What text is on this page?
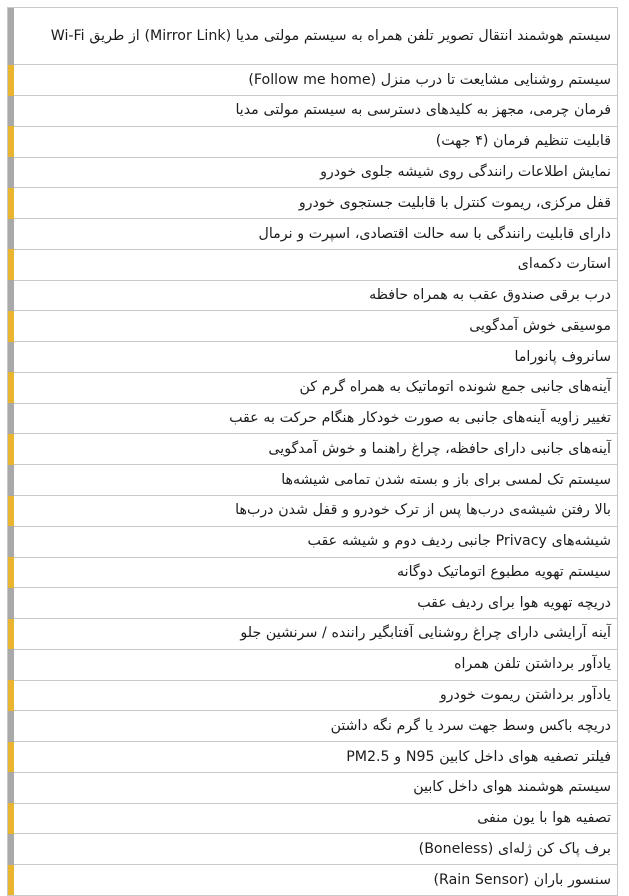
سیستم هوشمند انتقال تصویر تلفن همراه به سیستم مولتی مدیا (Mirror Link) از طریق Wi-Fi	
سیستم روشنایی مشایعت تا درب منزل (Follow me home)	
فرمان چرمی، مجهز به کلیدهای دسترسی به سیستم مولتی مدیا	
قابلیت تنظیم فرمان (۴ جهت)	
نمایش اطلاعات رانندگی روی شیشه جلوی خودرو	
قفل مرکزی، ریموت کنترل با قابلیت جستجوی خودرو	
دارای قابلیت رانندگی با سه حالت اقتصادی، اسپرت و نرمال	
استارت دکمه‌ای	
درب برقی صندوق عقب به همراه حافظه	
موسیقی خوش آمدگویی	
سانروف پانوراما	
آینه‌های جانبی جمع شونده اتوماتیک به همراه گرم کن	
تغییر زاویه آینه‌های جانبی به صورت خودکار هنگام حرکت به عقب	
آینه‌های جانبی دارای حافظه، چراغ راهنما و خوش آمدگویی	
سیستم تک لمسی برای باز و بسته شدن تمامی شیشه‌ها	
بالا رفتن شیشه‌ی درب‌ها پس از ترک خودرو و قفل شدن درب‌ها	
شیشه‌های Privacy جانبی ردیف دوم و شیشه عقب	
سیستم تهویه مطبوع اتوماتیک دوگانه	
دریچه تهویه هوا برای ردیف عقب	
آینه آرایشی دارای چراغ روشنایی آفتابگیر راننده / سرنشین جلو	
یادآور برداشتن تلفن همراه	
یادآور برداشتن ریموت خودرو	
دریچه باکس وسط جهت سرد یا گرم نگه داشتن	
فیلتر تصفیه هوای داخل کابین N95 و PM2.5	
سیستم هوشمند هوای داخل کابین	
تصفیه هوا با یون منفی	
برف پاک کن ژله‌ای (Boneless)	
سنسور باران (Rain Sensor)	
